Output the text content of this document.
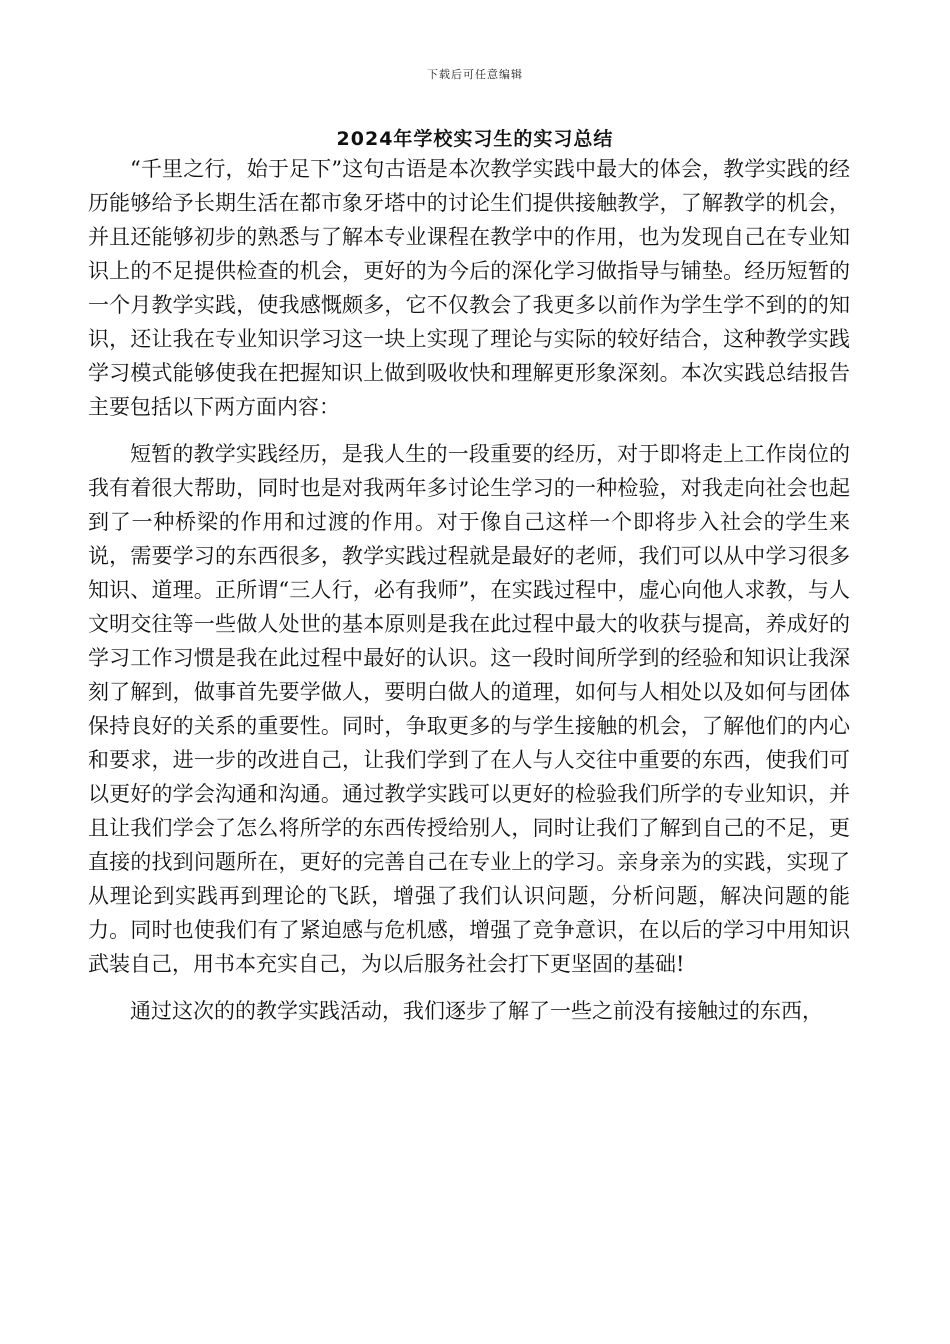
下载后可任意编辑
2024年学校实习生的实习总结

“千里之行，始于足下”这句古语是本次教学实践中最大的体会，教学实践的经历能够给予长期生活在都市象牙塔中的讨论生们提供接触教学，了解教学的机会，并且还能够初步的熟悉与了解本专业课程在教学中的作用，也为发现自己在专业知识上的不足提供检查的机会，更好的为今后的深化学习做指导与铺垫。经历短暂的一个月教学实践，使我感慨颇多，它不仅教会了我更多以前作为学生学不到的的知识，还让我在专业知识学习这一块上实现了理论与实际的较好结合，这种教学实践学习模式能够使我在把握知识上做到吸收快和理解更形象深刻。本次实践总结报告主要包括以下两方面内容：

短暂的教学实践经历，是我人生的一段重要的经历，对于即将走上工作岗位的我有着很大帮助，同时也是对我两年多讨论生学习的一种检验，对我走向社会也起到了一种桥梁的作用和过渡的作用。对于像自己这样一个即将步入社会的学生来说，需要学习的东西很多，教学实践过程就是最好的老师，我们可以从中学习很多知识、道理。正所谓“三人行，必有我师”，在实践过程中，虚心向他人求教，与人文明交往等一些做人处世的基本原则是我在此过程中最大的收获与提高，养成好的学习工作习惯是我在此过程中最好的认识。这一段时间所学到的经验和知识让我深刻了解到，做事首先要学做人，要明白做人的道理，如何与人相处以及如何与团体保持良好的关系的重要性。同时，争取更多的与学生接触的机会，了解他们的内心和要求，进一步的改进自己，让我们学到了在人与人交往中重要的东西，使我们可以更好的学会沟通和沟通。通过教学实践可以更好的检验我们所学的专业知识，并且让我们学会了怎么将所学的东西传授给别人，同时让我们了解到自己的不足，更直接的找到问题所在，更好的完善自己在专业上的学习。亲身亲为的实践，实现了从理论到实践再到理论的飞跃，增强了我们认识问题，分析问题，解决问题的能力。同时也使我们有了紧迫感与危机感，增强了竞争意识，在以后的学习中用知识武装自己，用书本充实自己，为以后服务社会打下更坚固的基础!

通过这次的的教学实践活动，我们逐步了解了一些之前没有接触过的东西，
